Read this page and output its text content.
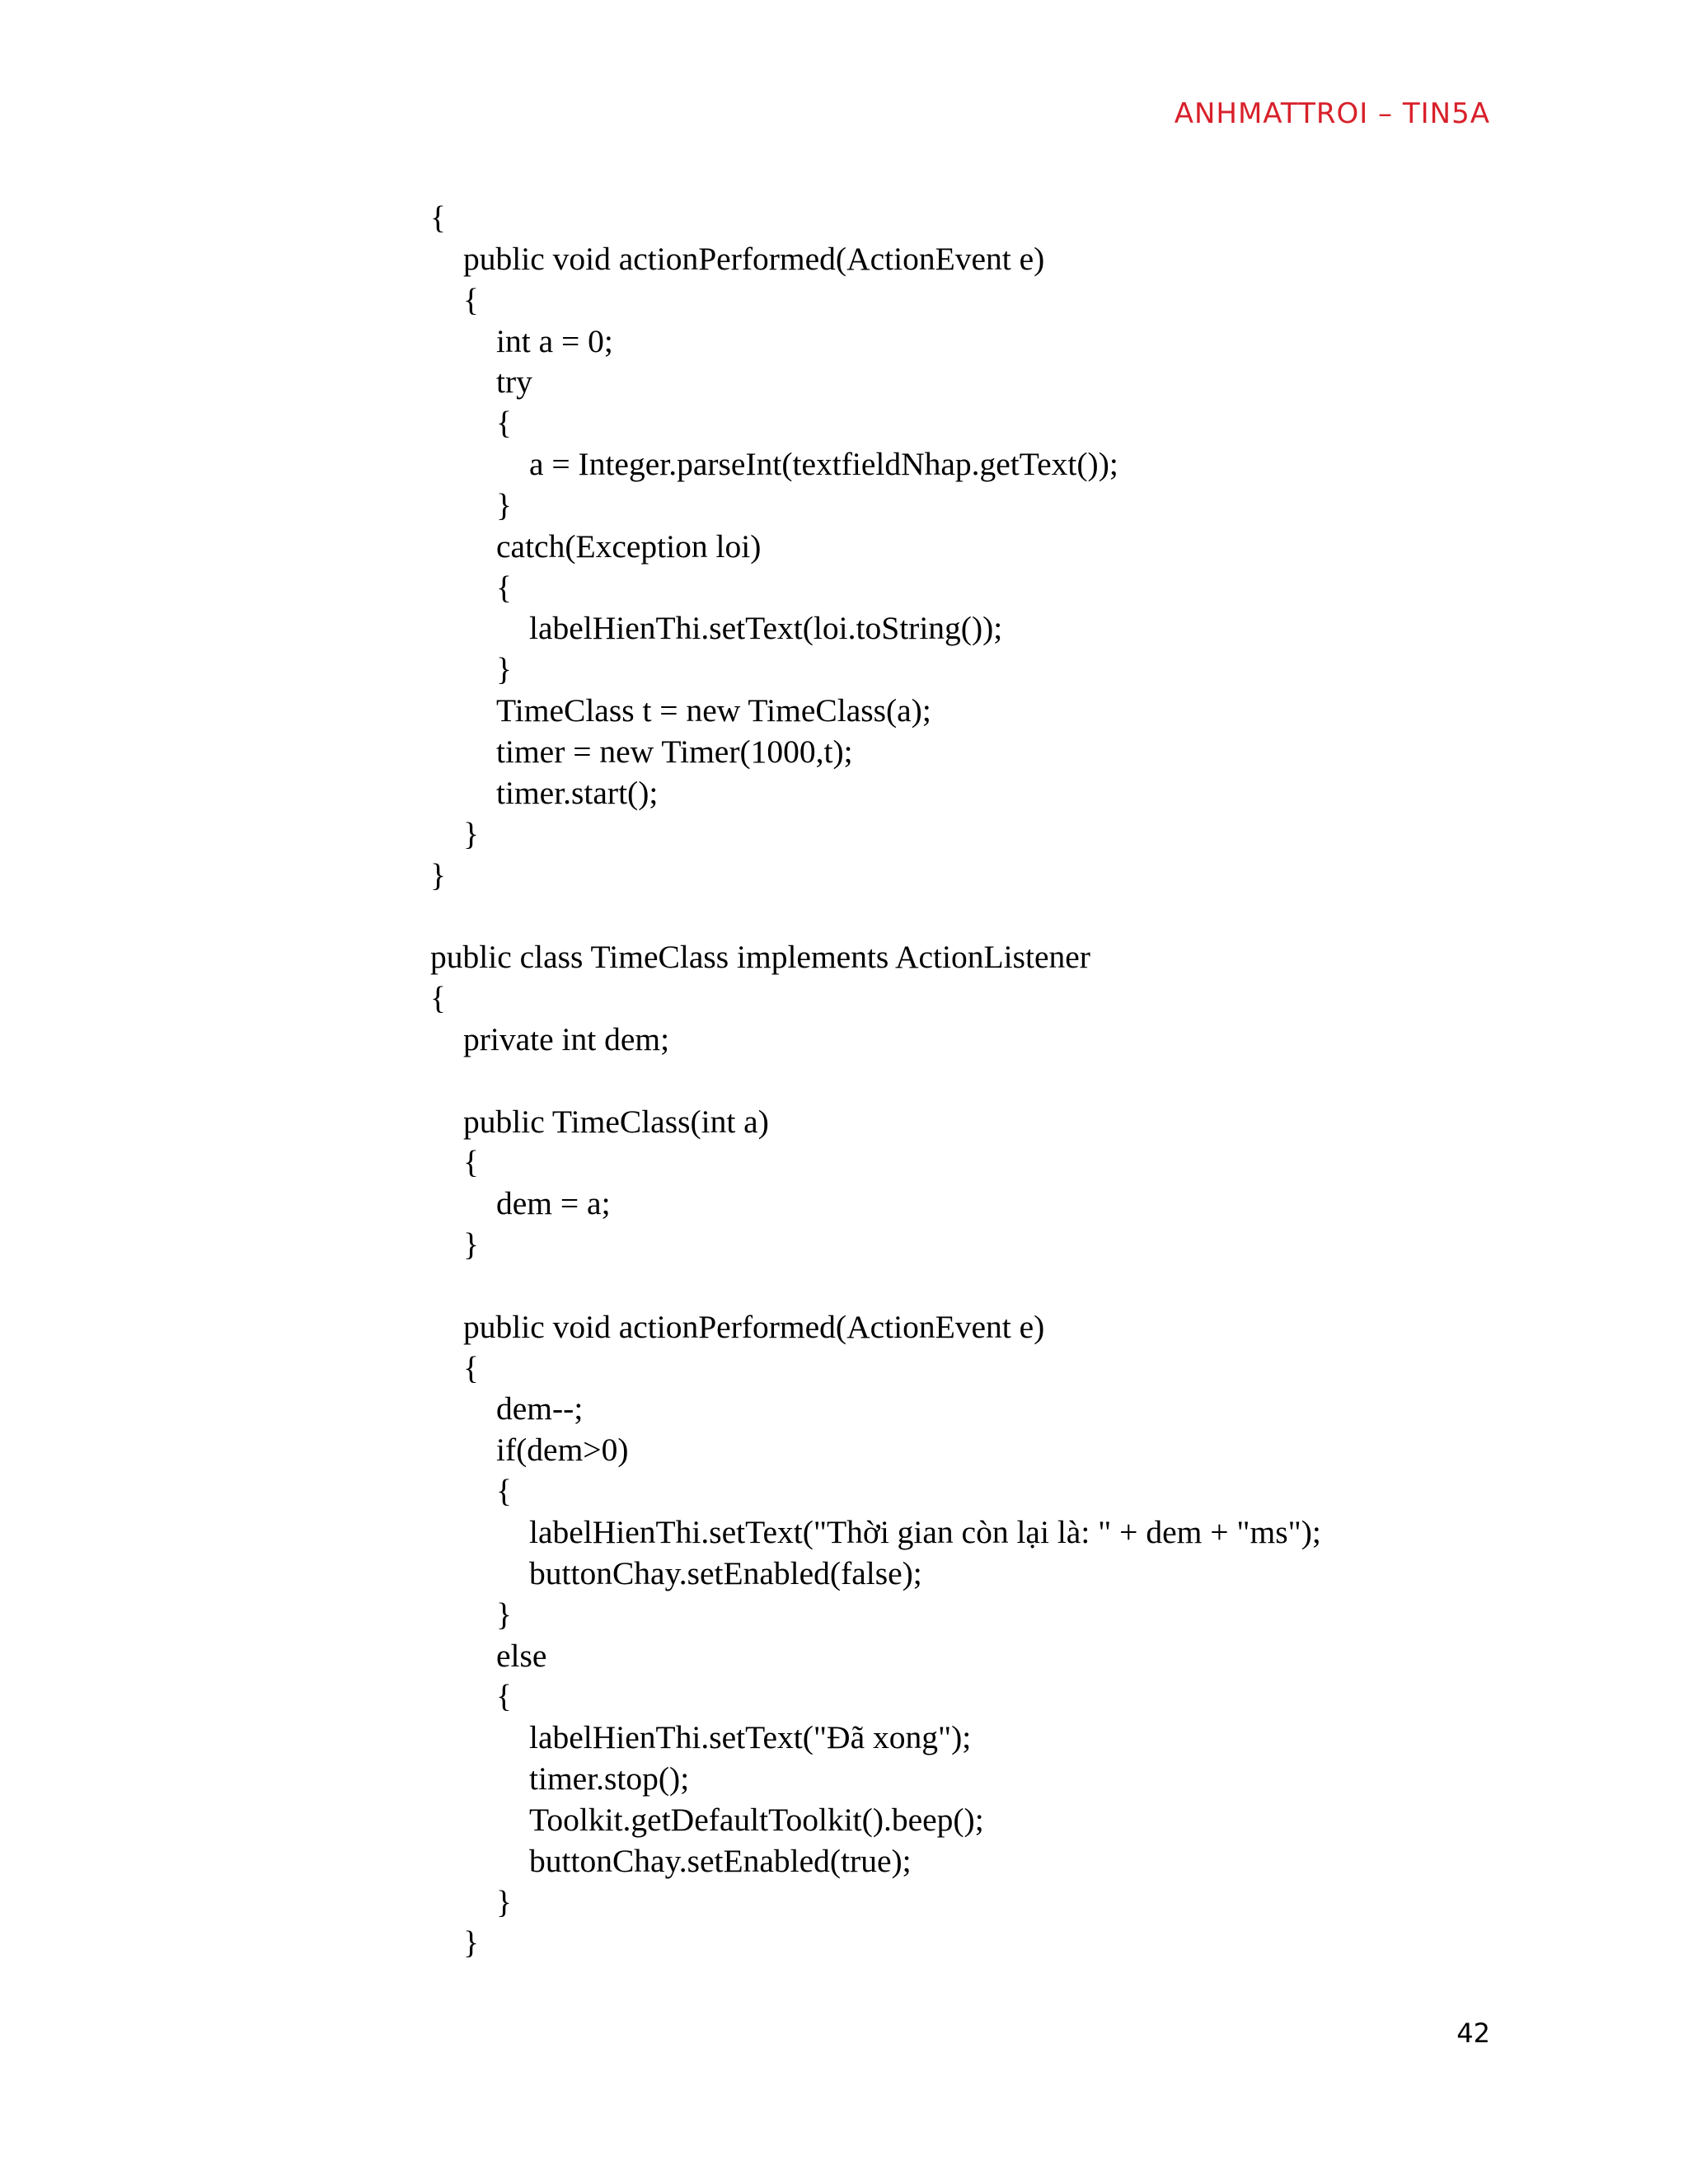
ANHMATTROI – TIN5A
{
public void actionPerformed(ActionEvent e)
{
int a = 0;
try
{
a = Integer.parseInt(textfieldNhap.getText());
}
catch(Exception loi)
{
labelHienThi.setText(loi.toString());
}
TimeClass t = new TimeClass(a);
timer = new Timer(1000,t);
timer.start();
}
}
public class TimeClass implements ActionListener
{
private int dem;
public TimeClass(int a)
{
dem = a;
}
public void actionPerformed(ActionEvent e)
{
dem--;
if(dem>0)
{
labelHienThi.setText("Thời gian còn lại là: " + dem + "ms");
buttonChay.setEnabled(false);
}
else
{
labelHienThi.setText("Đã xong");
timer.stop();
Toolkit.getDefaultToolkit().beep();
buttonChay.setEnabled(true);
}
}
42
